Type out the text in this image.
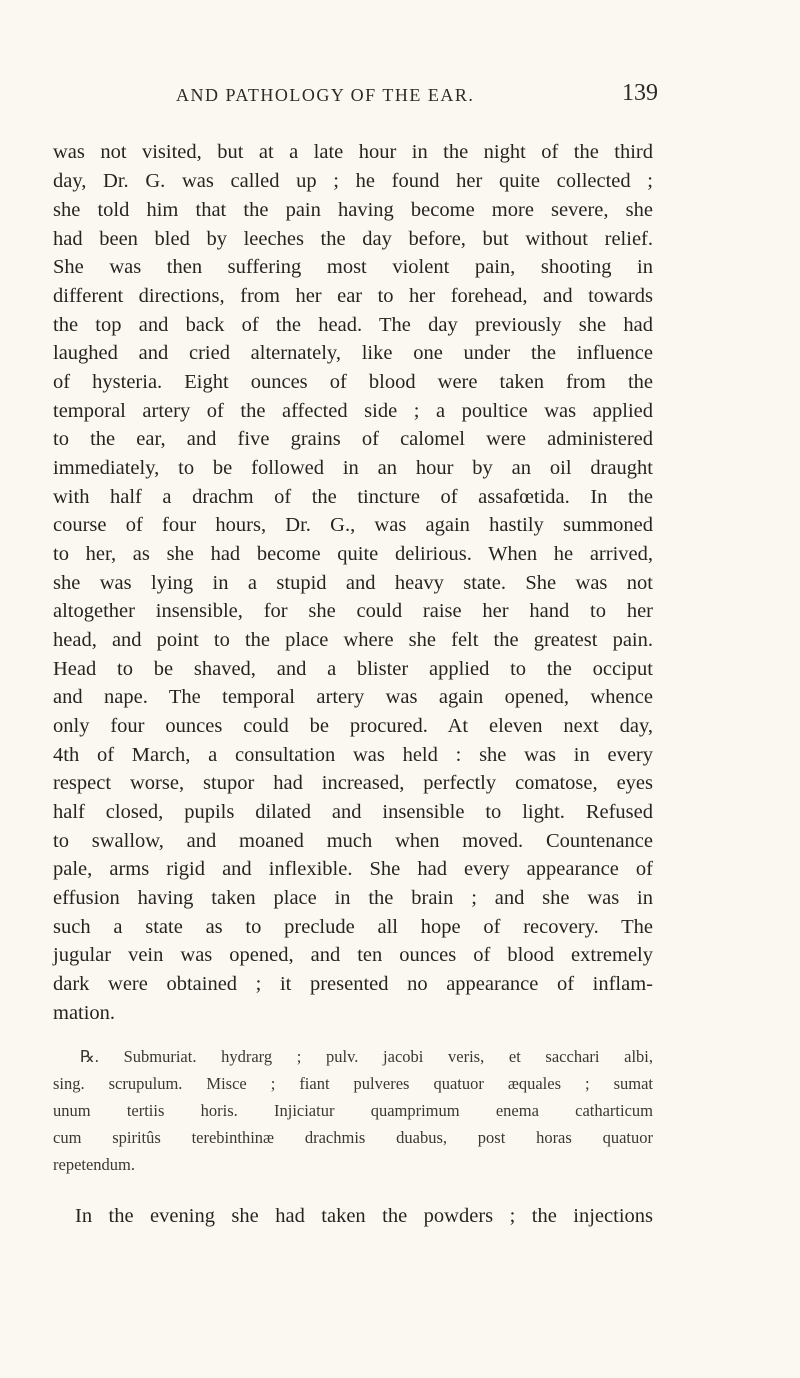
AND PATHOLOGY OF THE EAR.	139
was not visited, but at a late hour in the night of the third
day, Dr. G. was called up ; he found her quite collected ;
she told him that the pain having become more severe, she
had been bled by leeches the day before, but without relief.
She was then suffering most violent pain, shooting in
different directions, from her ear to her forehead, and towards
the top and back of the head. The day previously she had
laughed and cried alternately, like one under the influence
of hysteria. Eight ounces of blood were taken from the
temporal artery of the affected side ; a poultice was applied
to the ear, and five grains of calomel were administered
immediately, to be followed in an hour by an oil draught
with half a drachm of the tincture of assafœtida. In the
course of four hours, Dr. G., was again hastily summoned
to her, as she had become quite delirious. When he arrived,
she was lying in a stupid and heavy state. She was not
altogether insensible, for she could raise her hand to her
head, and point to the place where she felt the greatest pain.
Head to be shaved, and a blister applied to the occiput
and nape. The temporal artery was again opened, whence
only four ounces could be procured. At eleven next day,
4th of March, a consultation was held : she was in every
respect worse, stupor had increased, perfectly comatose, eyes
half closed, pupils dilated and insensible to light. Refused
to swallow, and moaned much when moved. Countenance
pale, arms rigid and inflexible. She had every appearance of
effusion having taken place in the brain ; and she was in
such a state as to preclude all hope of recovery. The
jugular vein was opened, and ten ounces of blood extremely
dark were obtained ; it presented no appearance of inflam-
mation.
℞. Submuriat. hydrarg ; pulv. jacobi veris, et sacchari albi,
sing. scrupulum. Misce ; fiant pulveres quatuor æquales ; sumat
unum tertiis horis. Injiciatur quamprimum enema catharticum
cum spiritûs terebinthinæ drachmis duabus, post horas quatuor
repetendum.
In the evening she had taken the powders ; the injections
